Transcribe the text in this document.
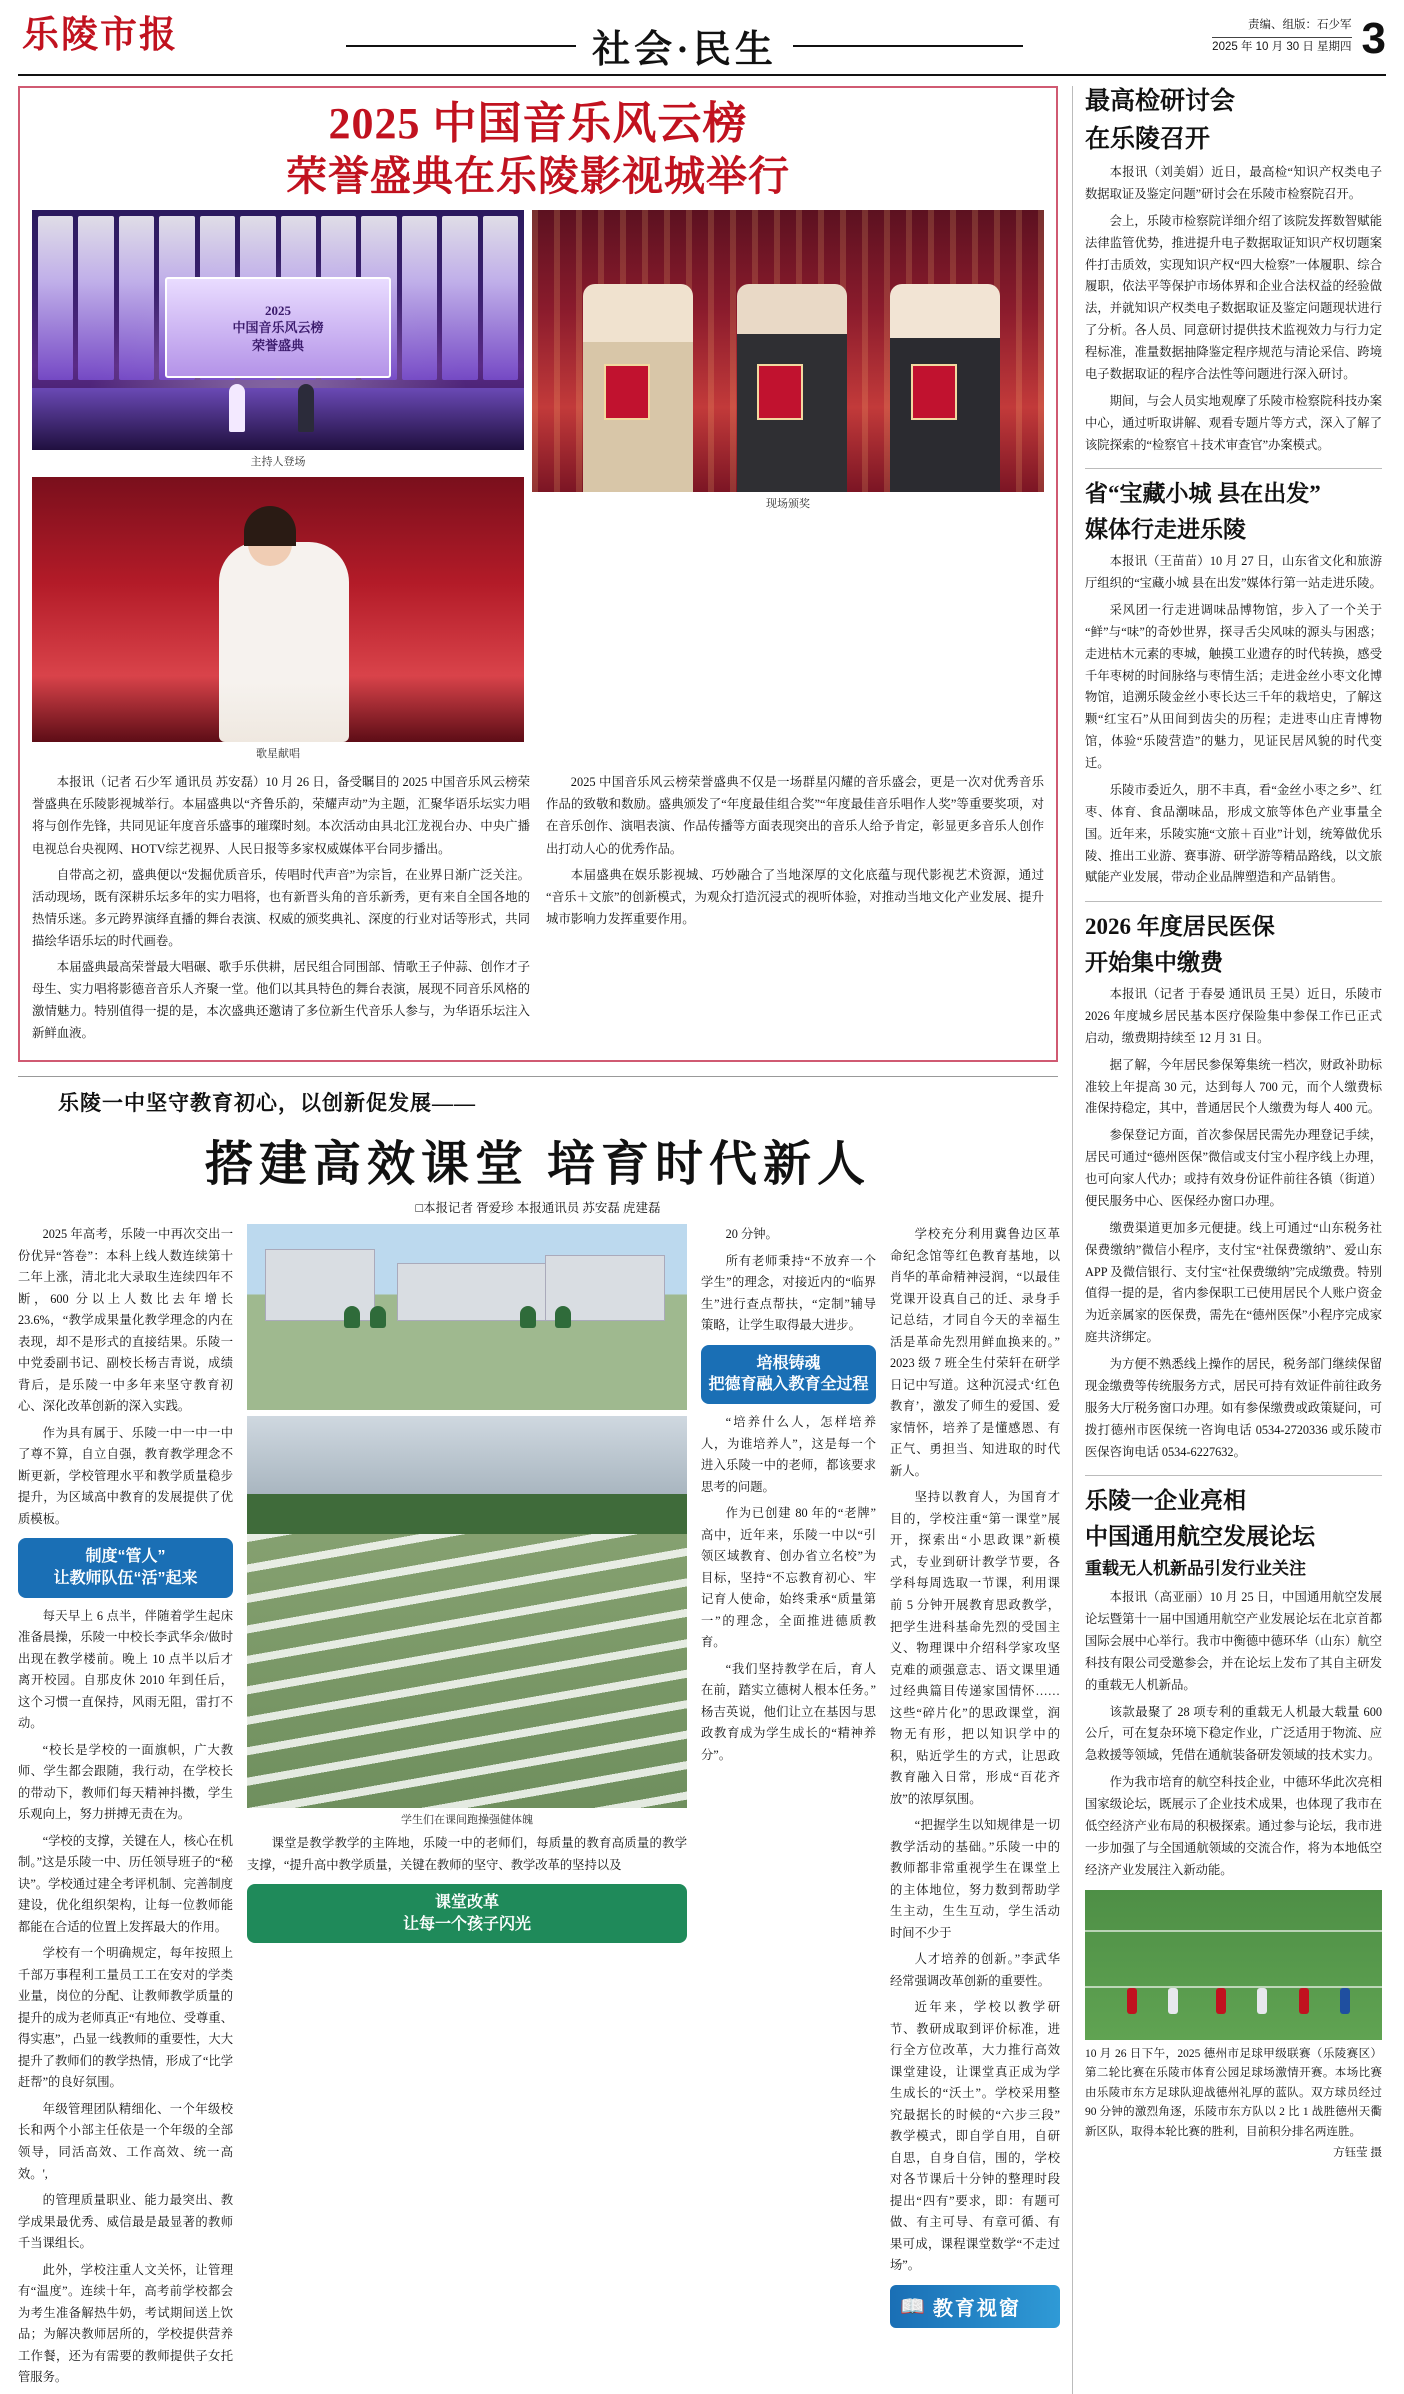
乐陵市报	社会·民生
责编、组版：石少军
2025 年 10 月 30 日 星期四 3
2025 中国音乐风云榜
荣誉盛典在乐陵影视城举行
2025
中国音乐风云榜
荣誉盛典
主持人登场
歌星献唱
现场颁奖

本报讯（记者 石少军 通讯员 苏安磊）10 月 26 日，备受瞩目的 2025 中国音乐风云榜荣誉盛典在乐陵影视城举行。本届盛典以“齐鲁乐韵，荣耀声动”为主题，汇聚华语乐坛实力唱将与创作先锋，共同见证年度音乐盛事的璀璨时刻。本次活动由具北江龙视台办、中央广播电视总台央视网、HOTV综艺视界、人民日报等多家权威媒体平台同步播出。

自带高之初，盛典便以“发掘优质音乐，传唱时代声音”为宗旨，在业界日渐广泛关注。活动现场，既有深耕乐坛多年的实力唱将，也有新晋头角的音乐新秀，更有来自全国各地的热情乐迷。多元跨界演绎直播的舞台表演、权威的颁奖典礼、深度的行业对话等形式，共同描绘华语乐坛的时代画卷。

本届盛典最高荣誉最大唱碾、歌手乐供耕，居民组合同围部、情歌王子仲蒜、创作才子母生、实力唱将影德音音乐人齐聚一堂。他们以其具特色的舞台表演，展现不同音乐风格的激情魅力。特别值得一提的是，本次盛典还邀请了多位新生代音乐人参与，为华语乐坛注入新鲜血液。

2025 中国音乐风云榜荣誉盛典不仅是一场群星闪耀的音乐盛会，更是一次对优秀音乐作品的致敬和数励。盛典颁发了“年度最佳组合奖”“年度最佳音乐唱作人奖”等重要奖项，对在音乐创作、演唱表演、作品传播等方面表现突出的音乐人给予肯定，彰显更多音乐人创作出打动人心的优秀作品。

本届盛典在娱乐影视城、巧妙融合了当地深厚的文化底蕴与现代影视艺术资源，通过“音乐＋文旅”的创新模式，为观众打造沉浸式的视听体验，对推动当地文化产业发展、提升城市影响力发挥重要作用。

乐陵一中坚守教育初心，以创新促发展——
搭建高效课堂 培育时代新人
□本报记者 胥爱珍 本报通讯员 苏安磊 虎建磊

2025 年高考，乐陵一中再次交出一份优异“答卷”：本科上线人数连续第十二年上涨，清北北大录取生连续四年不断，600 分以上人数比去年增长 23.6%，“教学成果量化教学理念的内在表现，却不是形式的直接结果。乐陵一中党委副书记、副校长杨吉青说，成绩背后，是乐陵一中多年来坚守教育初心、深化改革创新的深入实践。

作为具有属于、乐陵一中一中一中了尊不算，自立自强，教育教学理念不断更新，学校管理水平和教学质量稳步提升，为区域高中教育的发展提供了优质模板。

制度“管人”
让教师队伍“活”起来

每天早上 6 点半，伴随着学生起床准备晨操，乐陵一中校长李武华余/做时出现在教学楼前。晚上 10 点半以后才离开校园。自那皮休 2010 年到任后，这个习惯一直保持，风雨无阻，雷打不动。

“校长是学校的一面旗帜，广大教师、学生都会跟随，我行动，在学校长的带动下，教师们每天精神抖擞，学生乐观向上，努力拼搏无责在为。

“学校的支撑，关键在人，核心在机制。”这是乐陵一中、历任领导班子的“秘诀”。学校通过建全考评机制、完善制度建设，优化组织架构，让每一位教师能都能在合适的位置上发挥最大的作用。

学校有一个明确规定，每年按照上千部万事程利工量员工工在安对的学类业量，岗位的分配、让教师教学质量的提升的成为老师真正“有地位、受尊重、得实惠”，凸显一线教师的重要性，大大提升了教师们的教学热情，形成了“比学赶帮”的良好氛围。

年级管理团队精细化、一个年级校长和两个小部主任依是一个年级的全部领导，同活高效、工作高效、统一高效。',

的管理质量职业、能力最突出、教学成果最优秀、威信最是最显著的教师千当课组长。

此外，学校注重人文关怀，让管理有“温度”。连续十年，高考前学校都会为考生准备解热牛奶，考试期间送上饮品；为解决教师居所的，学校提供营养工作餐，还为有需要的教师提供子女托管服务。

学生们在课间跑操强健体魄

课堂是教学教学的主阵地，乐陵一中的老师们，每质量的教育高质量的教学支撑，“提升高中教学质量，关键在教师的坚守、教学改革的坚持以及

课堂改革
让每一个孩子闪光

20 分钟。

所有老师秉持“不放弃一个学生”的理念，对接近内的“临界生”进行查点帮扶，“定制”辅导策略，让学生取得最大进步。

培根铸魂
把德育融入教育全过程

“培养什么人，怎样培养人，为谁培养人”，这是每一个进入乐陵一中的老师，都该要求思考的问题。

作为已创建 80 年的“老牌”高中，近年来，乐陵一中以“引领区域教育、创办省立名校”为目标，坚持“不忘教育初心、牢记育人使命，始终秉承“质量第一”的理念，全面推进德质教育。

“我们坚持教学在后，育人在前，踏实立德树人根本任务。”杨吉英说，他们让立在基因与思政教育成为学生成长的“精神养分”。

学校充分利用冀鲁边区革命纪念馆等红色教育基地，以肖华的革命精神浸润，“以最佳党课开设真自己的迁、录身手记总结，才同自今天的幸福生活是革命先烈用鲜血换来的。”2023 级 7 班全生付荣轩在研学日记中写道。这种沉浸式‘红色教育’，激发了师生的爱国、爱家情怀，培养了是懂感恩、有正气、勇担当、知进取的时代新人。

坚持以教育人，为国育才目的，学校注重“第一课堂”展开，探索出“小思政课”新模式，专业到研计教学节要，各学科每周选取一节课，利用课前 5 分钟开展教育思政教学，把学生进科基命先烈的受国主义、物理课中介绍科学家攻坚克难的顽强意志、语文课里通过经典篇目传递家国情怀……这些“碎片化”的思政课堂，润物无有形，把以知识学中的积，贴近学生的方式，让思政教育融入日常，形成“百花齐放”的浓厚氛围。

“把握学生以知规律是一切教学活动的基础。”乐陵一中的教师都非常重视学生在课堂上的主体地位，努力数到帮助学生主动，生生互动，学生活动时间不少于

人才培养的创新。”李武华经常强调改革创新的重要性。

近年来，学校以教学研节、教研成取到评价标准，进行全方位改革，大力推行高效课堂建设，让课堂真正成为学生成长的“沃土”。学校采用整究最据长的时候的“六步三段”教学模式，即自学自用，自研自思，自身自信，围的，学校对各节课后十分钟的整理时段提出“四有”要求，即：有题可做、有主可导、有章可循、有果可成，课程课堂数学“不走过场”。

📖 教育视窗
最高检研讨会
在乐陵召开

本报讯（刘美娟）近日，最高检“知识产权类电子数据取证及鉴定问题”研讨会在乐陵市检察院召开。

会上，乐陵市检察院详细介绍了该院发挥数智赋能法律监管优势，推进提升电子数据取证知识产权切题案件打击质效，实现知识产权“四大检察”一体履职、综合履职，依法平等保护市场体界和企业合法权益的经验做法，并就知识产权类电子数据取证及鉴定问题现状进行了分析。各人员、同意研讨提供技术监视效力与行力定程标准，准量数据抽降鉴定程序规范与清论采信、跨境电子数据取证的程序合法性等问题进行深入研讨。

期间，与会人员实地观摩了乐陵市检察院科技办案中心，通过听取讲解、观看专题片等方式，深入了解了该院探索的“检察官＋技术审查官”办案模式。

省“宝藏小城 县在出发”
媒体行走进乐陵

本报讯（王苗苗）10 月 27 日，山东省文化和旅游厅组织的“宝藏小城 县在出发”媒体行第一站走进乐陵。

采风团一行走进调味品博物馆，步入了一个关于“鲜”与“味”的奇妙世界，探寻舌尖风味的源头与困惑；走进枯木元素的枣城，触摸工业遗存的时代转换，感受千年枣树的时间脉络与枣情生活；走进金丝小枣文化博物馆，追溯乐陵金丝小枣长达三千年的栽培史，了解这颗“红宝石”从田间到齿尖的历程；走进枣山庄青博物馆，体验“乐陵营造”的魅力，见证民居风貌的时代变迁。

乐陵市委近久，朋不丰真，看“金丝小枣之乡”、红枣、体育、食品潮味品，形成文旅等体色产业事量全国。近年来，乐陵实施“文旅＋百业”计划，统筹做优乐陵、推出工业游、赛事游、研学游等精品路线，以文旅赋能产业发展，带动企业品牌塑造和产品销售。

2026 年度居民医保
开始集中缴费

本报讯（记者 于春晏 通讯员 王昊）近日，乐陵市 2026 年度城乡居民基本医疗保险集中参保工作已正式启动，缴费期持续至 12 月 31 日。

据了解，今年居民参保筹集统一档次，财政补助标准较上年提高 30 元，达到每人 700 元，而个人缴费标准保持稳定，其中，普通居民个人缴费为每人 400 元。

参保登记方面，首次参保居民需先办理登记手续，居民可通过“德州医保”微信或支付宝小程序线上办理，也可向家人代办；或持有效身份证件前往各镇（街道）便民服务中心、医保经办窗口办理。

缴费渠道更加多元便捷。线上可通过“山东税务社保费缴纳”微信小程序，支付宝“社保费缴纳”、爱山东 APP 及微信银行、支付宝“社保费缴纳”完成缴费。特别值得一提的是，省内参保职工已使用居民个人账户资金为近亲属家的医保费，需先在“德州医保”小程序完成家庭共济绑定。

为方便不熟悉线上操作的居民，税务部门继续保留现金缴费等传统服务方式，居民可持有效证件前往政务服务大厅税务窗口办理。如有参保缴费或政策疑问，可拨打德州市医保统一咨询电话 0534-2720336 或乐陵市医保咨询电话 0534-6227632。

乐陵一企业亮相
中国通用航空发展论坛
重载无人机新品引发行业关注

本报讯（高亚丽）10 月 25 日，中国通用航空发展论坛暨第十一届中国通用航空产业发展论坛在北京首都国际会展中心举行。我市中衡德中德环华（山东）航空科技有限公司受邀参会，并在论坛上发布了其自主研发的重载无人机新品。

该款最聚了 28 项专利的重载无人机最大载量 600 公斤，可在复杂环境下稳定作业，广泛适用于物流、应急救援等领域，凭借在通航装备研发领域的技术实力。

作为我市培育的航空科技企业，中德环华此次亮相国家级论坛，既展示了企业技术成果，也体现了我市在低空经济产业布局的积极探索。通过参与论坛，我市进一步加强了与全国通航领域的交流合作，将为本地低空经济产业发展注入新动能。

10 月 26 日下午，2025 德州市足球甲级联赛（乐陵赛区）第二轮比赛在乐陵市体育公园足球场激情开赛。本场比赛由乐陵市东方足球队迎战德州礼厚的蓝队。双方球员经过 90 分钟的激烈角逐，乐陵市东方队以 2 比 1 战胜德州天衢新区队，取得本轮比赛的胜利，目前积分排名两连胜。
方钰莹 摄
